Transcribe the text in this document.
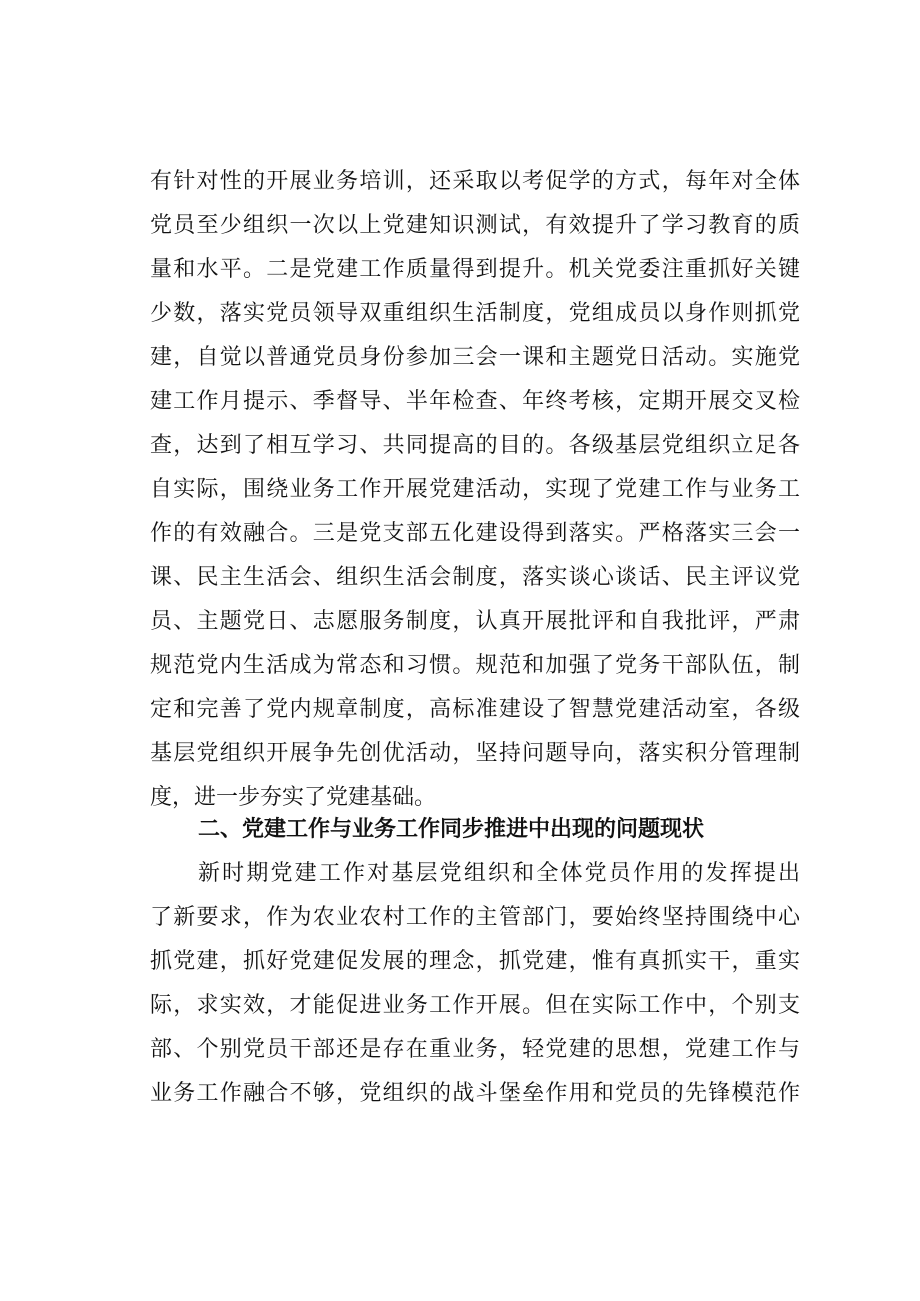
有针对性的开展业务培训，还采取以考促学的方式，每年对全体
党员至少组织一次以上党建知识测试，有效提升了学习教育的质
量和水平。二是党建工作质量得到提升。机关党委注重抓好关键
少数，落实党员领导双重组织生活制度，党组成员以身作则抓党
建，自觉以普通党员身份参加三会一课和主题党日活动。实施党
建工作月提示、季督导、半年检查、年终考核，定期开展交叉检
查，达到了相互学习、共同提高的目的。各级基层党组织立足各
自实际，围绕业务工作开展党建活动，实现了党建工作与业务工
作的有效融合。三是党支部五化建设得到落实。严格落实三会一
课、民主生活会、组织生活会制度，落实谈心谈话、民主评议党
员、主题党日、志愿服务制度，认真开展批评和自我批评，严肃
规范党内生活成为常态和习惯。规范和加强了党务干部队伍，制
定和完善了党内规章制度，高标准建设了智慧党建活动室，各级
基层党组织开展争先创优活动，坚持问题导向，落实积分管理制
度，进一步夯实了党建基础。
二、党建工作与业务工作同步推进中出现的问题现状
新时期党建工作对基层党组织和全体党员作用的发挥提出
了新要求，作为农业农村工作的主管部门，要始终坚持围绕中心
抓党建，抓好党建促发展的理念，抓党建，惟有真抓实干，重实
际，求实效，才能促进业务工作开展。但在实际工作中，个别支
部、个别党员干部还是存在重业务，轻党建的思想，党建工作与
业务工作融合不够，党组织的战斗堡垒作用和党员的先锋模范作
